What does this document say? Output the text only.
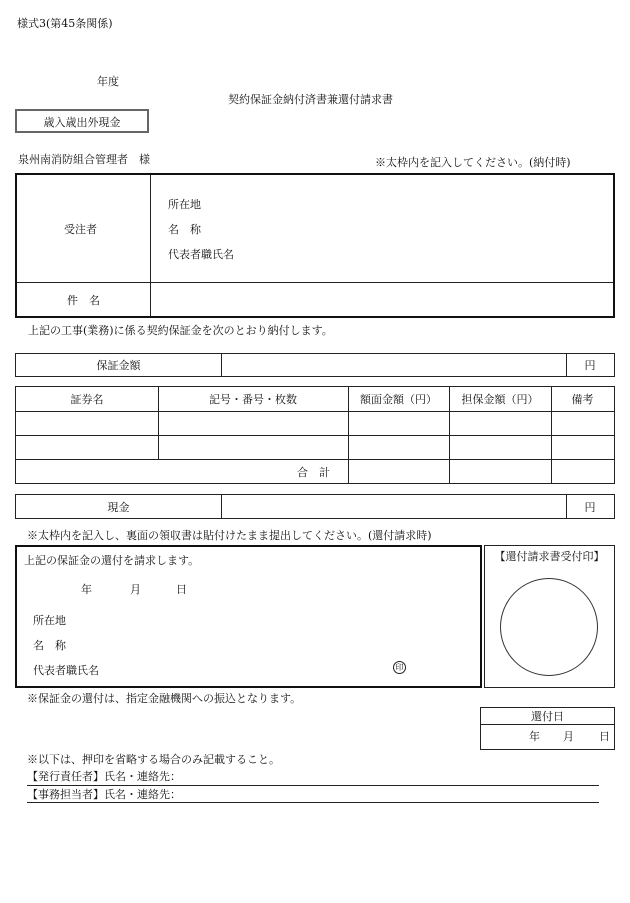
様式3(第45条関係)
年度
契約保証金納付済書兼還付請求書
歳入歳出外現金
泉州南消防組合管理者　様	※太枠内を記入してください。(納付時)
受注者
所在地
名　称
代表者職氏名
件　名
上記の工事(業務)に係る契約保証金を次のとおり納付します。
保証金額	円
証券名	記号・番号・枚数	額面金額（円）	担保金額（円）	備考
合　計
現金	円
※太枠内を記入し、裏面の領収書は貼付けたまま提出してください。(還付請求時)
上記の保証金の還付を請求します。
年	月	日
所在地
名　称
代表者職氏名	印
【還付請求書受付印】
※保証金の還付は、指定金融機関への振込となります。
還付日
年 月 日
※以下は、押印を省略する場合のみ記載すること。
【発行責任者】氏名・連絡先：
【事務担当者】氏名・連絡先：
